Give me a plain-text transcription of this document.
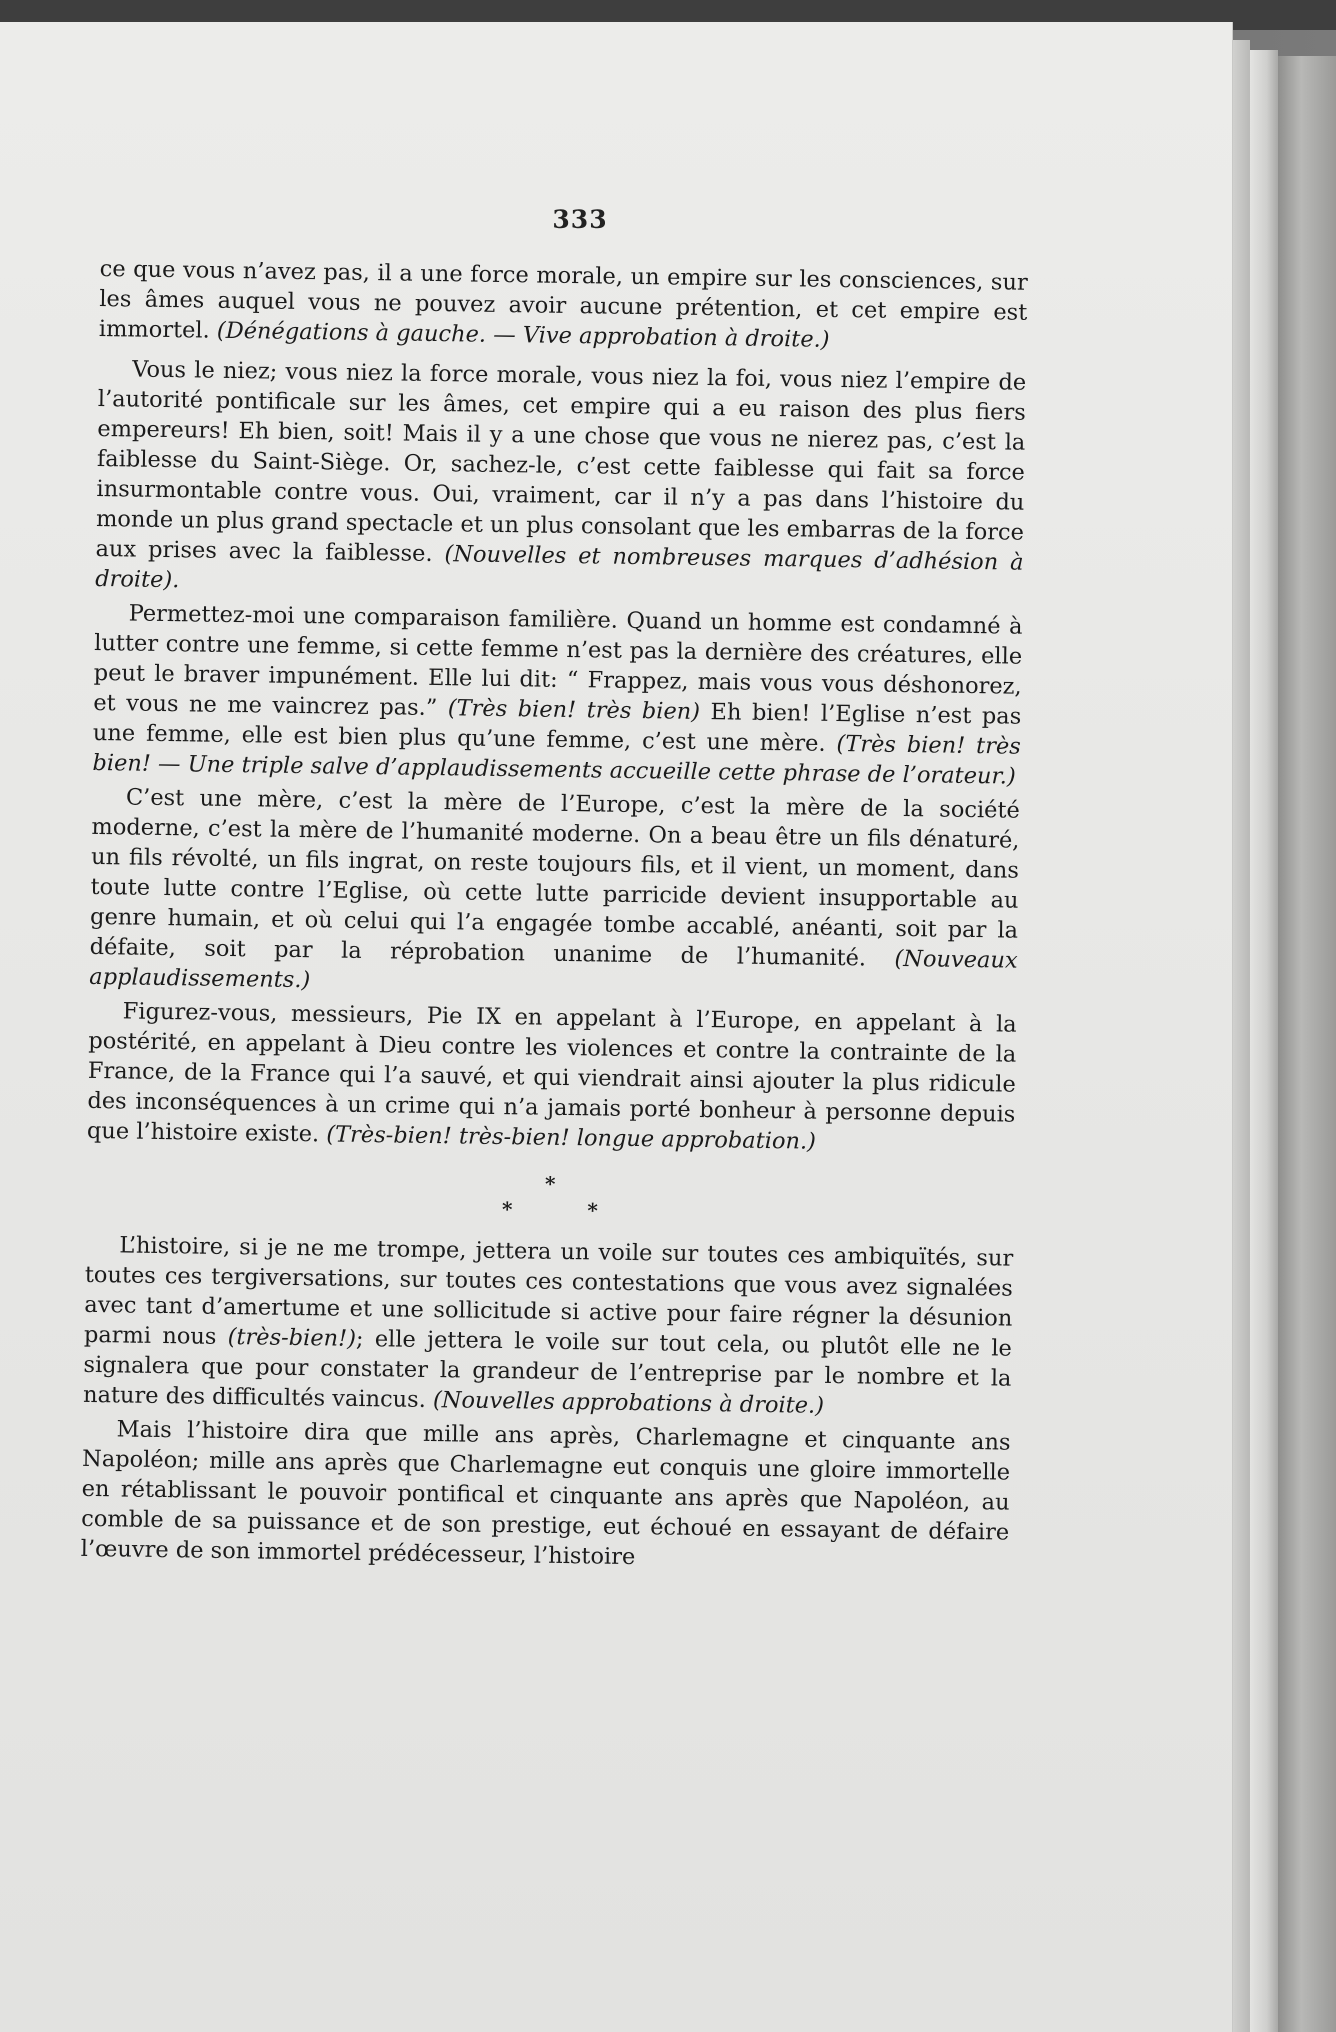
333

ce que vous n’avez pas, il a une force morale, un empire sur les consciences, sur les âmes auquel vous ne pouvez avoir aucune prétention, et cet empire est immortel. (Dénégations à gauche. — Vive approbation à droite.)

Vous le niez; vous niez la force morale, vous niez la foi, vous niez l’empire de l’autorité pontificale sur les âmes, cet empire qui a eu raison des plus fiers empereurs! Eh bien, soit! Mais il y a une chose que vous ne nierez pas, c’est la faiblesse du Saint-Siège. Or, sachez-le, c’est cette faiblesse qui fait sa force insurmontable contre vous. Oui, vraiment, car il n’y a pas dans l’histoire du monde un plus grand spectacle et un plus consolant que les embarras de la force aux prises avec la faiblesse. (Nouvelles et nombreuses marques d’adhésion à droite).

Permettez-moi une comparaison familière. Quand un homme est condamné à lutter contre une femme, si cette femme n’est pas la dernière des créatures, elle peut le braver impunément. Elle lui dit: “ Frappez, mais vous vous déshonorez, et vous ne me vaincrez pas.” (Très bien! très bien) Eh bien! l’Eglise n’est pas une femme, elle est bien plus qu’une femme, c’est une mère. (Très bien! très bien! — Une triple salve d’applaudissements accueille cette phrase de l’orateur.)

C’est une mère, c’est la mère de l’Europe, c’est la mère de la société moderne, c’est la mère de l’humanité moderne. On a beau être un fils dénaturé, un fils révolté, un fils ingrat, on reste toujours fils, et il vient, un moment, dans toute lutte contre l’Eglise, où cette lutte parricide devient insupportable au genre humain, et où celui qui l’a engagée tombe accablé, anéanti, soit par la défaite, soit par la réprobation unanime de l’humanité. (Nouveaux applaudissements.)

Figurez-vous, messieurs, Pie IX en appelant à l’Europe, en appelant à la postérité, en appelant à Dieu contre les violences et contre la contrainte de la France, de la France qui l’a sauvé, et qui viendrait ainsi ajouter la plus ridicule des inconséquences à un crime qui n’a jamais porté bonheur à personne depuis que l’histoire existe. (Très-bien! très-bien! longue approbation.)

*
* *

L’histoire, si je ne me trompe, jettera un voile sur toutes ces ambiquïtés, sur toutes ces tergiversations, sur toutes ces contestations que vous avez signalées avec tant d’amertume et une sollicitude si active pour faire régner la désunion parmi nous (très-bien!); elle jettera le voile sur tout cela, ou plutôt elle ne le signalera que pour constater la grandeur de l’entreprise par le nombre et la nature des difficultés vaincus. (Nouvelles approbations à droite.)

Mais l’histoire dira que mille ans après, Charlemagne et cinquante ans Napoléon; mille ans après que Charlemagne eut conquis une gloire immortelle en rétablissant le pouvoir pontifical et cinquante ans après que Napoléon, au comble de sa puissance et de son prestige, eut échoué en essayant de défaire l’œuvre de son immortel prédécesseur, l’histoire
